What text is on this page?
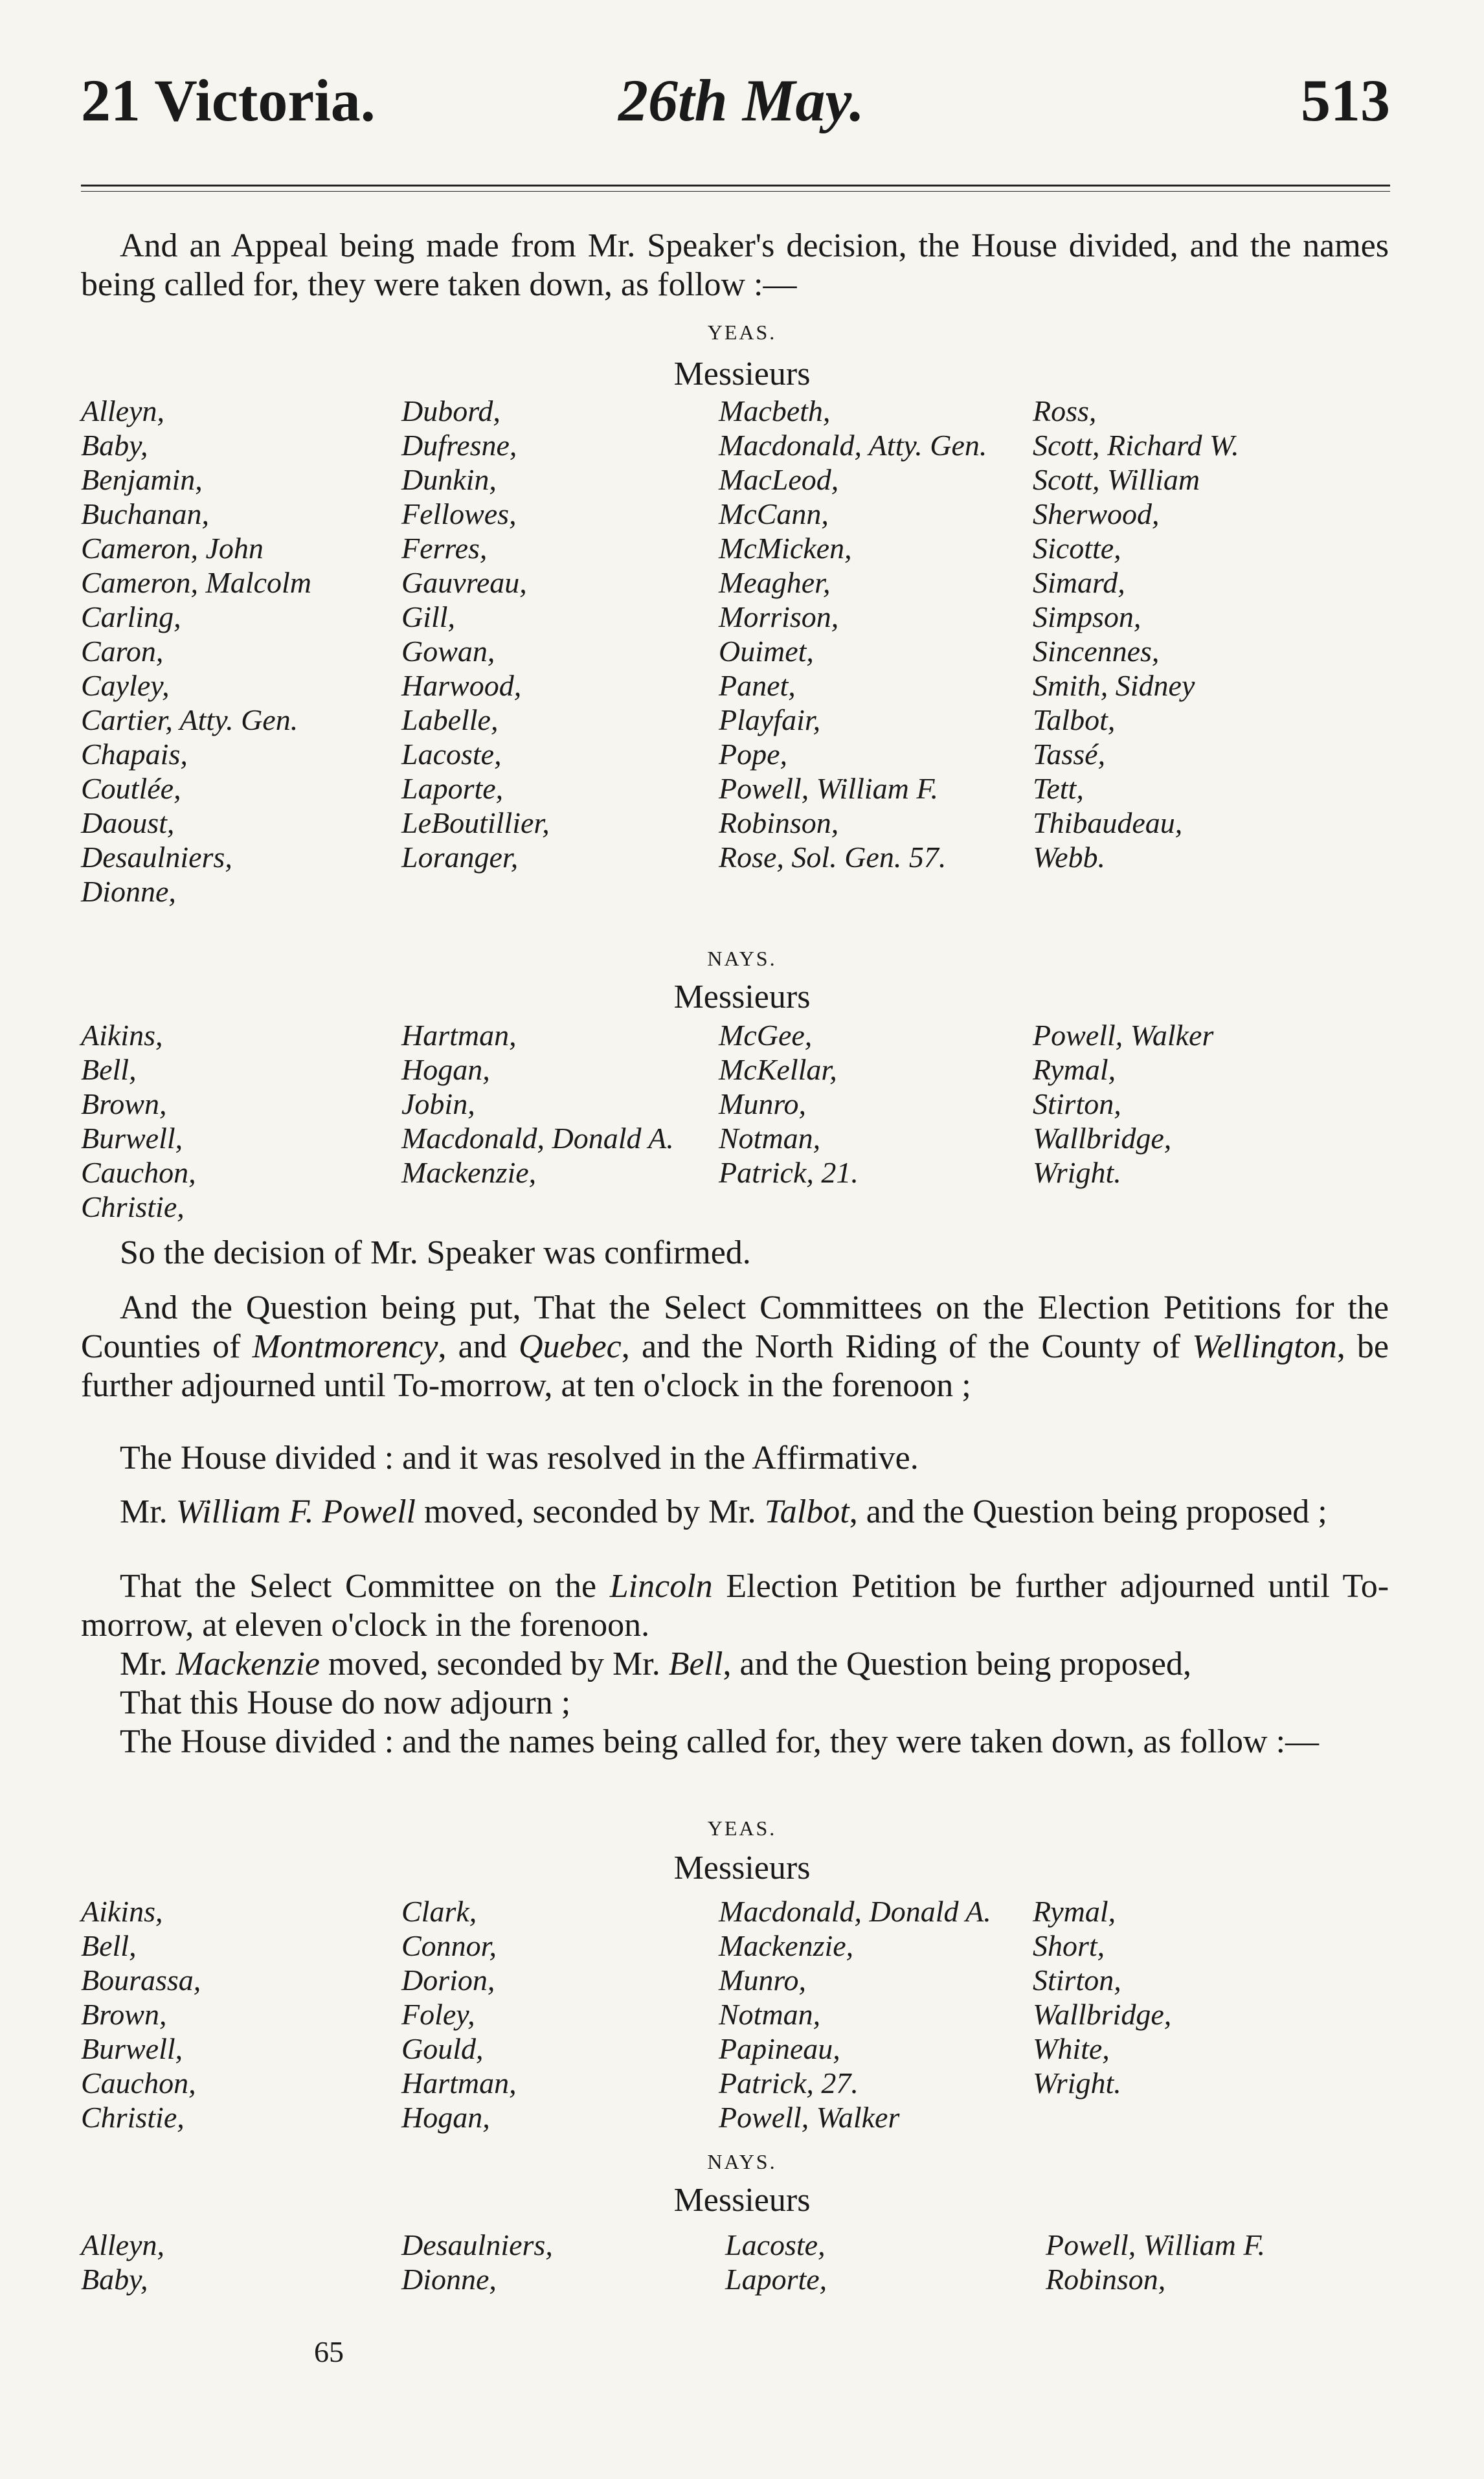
21 Victoria.	26th May.	513
And an Appeal being made from Mr. Speaker's decision, the House divided, and the names being called for, they were taken down, as follow :—
YEAS.
Messieurs
Alleyn,
Baby,
Benjamin,
Buchanan,
Cameron, John
Cameron, Malcolm
Carling,
Caron,
Cayley,
Cartier, Atty. Gen.
Chapais,
Coutlée,
Daoust,
Desaulniers,
Dionne,
Dubord,
Dufresne,
Dunkin,
Fellowes,
Ferres,
Gauvreau,
Gill,
Gowan,
Harwood,
Labelle,
Lacoste,
Laporte,
LeBoutillier,
Loranger,
Macbeth,
Macdonald, Atty. Gen.
MacLeod,
McCann,
McMicken,
Meagher,
Morrison,
Ouimet,
Panet,
Playfair,
Pope,
Powell, William F.
Robinson,
Rose, Sol. Gen. 57.
Ross,
Scott, Richard W.
Scott, William
Sherwood,
Sicotte,
Simard,
Simpson,
Sincennes,
Smith, Sidney
Talbot,
Tassé,
Tett,
Thibaudeau,
Webb.
NAYS.
Messieurs
Aikins,
Bell,
Brown,
Burwell,
Cauchon,
Christie,
Hartman,
Hogan,
Jobin,
Macdonald, Donald A.
Mackenzie,
McGee,
McKellar,
Munro,
Notman,
Patrick, 21.
Powell, Walker
Rymal,
Stirton,
Wallbridge,
Wright.
So the decision of Mr. Speaker was confirmed.
And the Question being put, That the Select Committees on the Election Petitions for the Counties of Montmorency, and Quebec, and the North Riding of the County of Wellington, be further adjourned until To-morrow, at ten o'clock in the forenoon ;
The House divided : and it was resolved in the Affirmative.
Mr. William F. Powell moved, seconded by Mr. Talbot, and the Question being proposed ;
That the Select Committee on the Lincoln Election Petition be further adjourned until To-morrow, at eleven o'clock in the forenoon.
Mr. Mackenzie moved, seconded by Mr. Bell, and the Question being proposed,
That this House do now adjourn ;
The House divided : and the names being called for, they were taken down, as follow :—
YEAS.
Messieurs
Aikins,
Bell,
Bourassa,
Brown,
Burwell,
Cauchon,
Christie,
Clark,
Connor,
Dorion,
Foley,
Gould,
Hartman,
Hogan,
Macdonald, Donald A.
Mackenzie,
Munro,
Notman,
Papineau,
Patrick, 27.
Powell, Walker
Rymal,
Short,
Stirton,
Wallbridge,
White,
Wright.
NAYS.
Messieurs
Alleyn,
Baby,
Desaulniers,
Dionne,
Lacoste,
Laporte,
Powell, William F.
Robinson,
65
